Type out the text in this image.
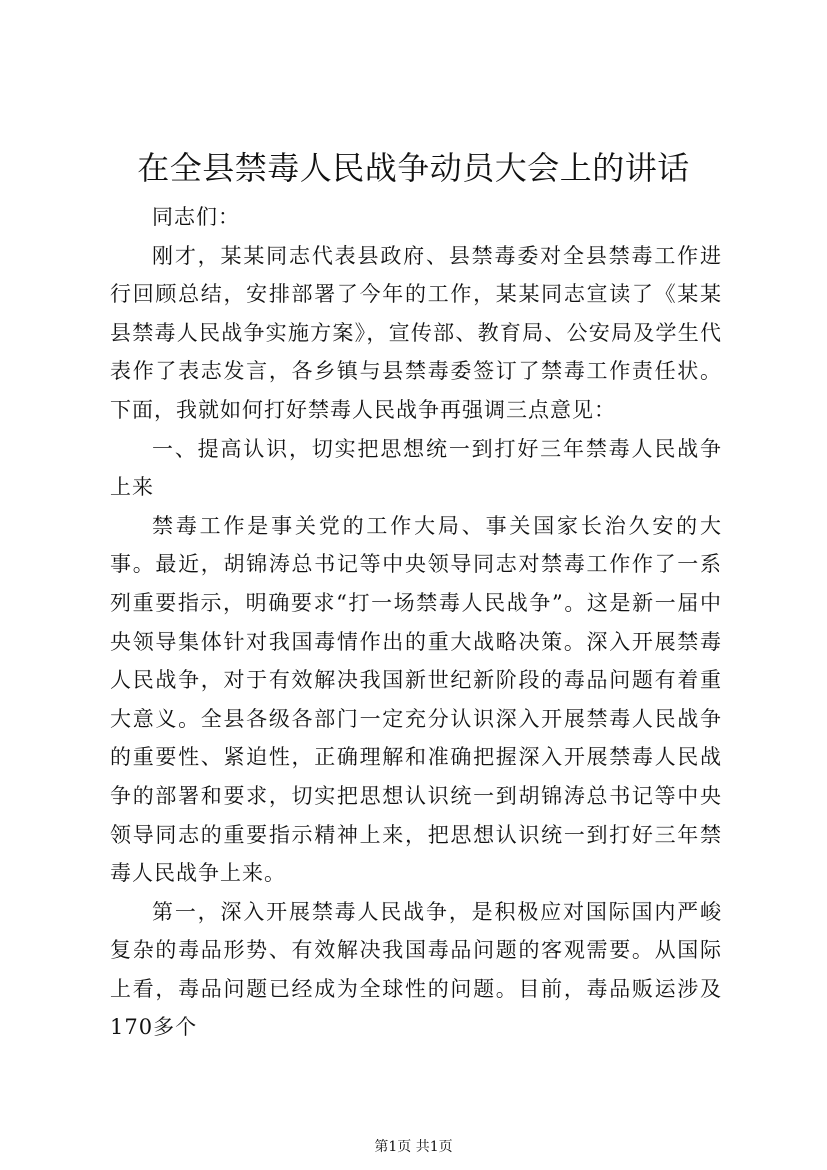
在全县禁毒人民战争动员大会上的讲话

同志们：

刚才，某某同志代表县政府、县禁毒委对全县禁毒工作进行回顾总结，安排部署了今年的工作，某某同志宣读了《某某县禁毒人民战争实施方案》，宣传部、教育局、公安局及学生代表作了表志发言，各乡镇与县禁毒委签订了禁毒工作责任状。下面，我就如何打好禁毒人民战争再强调三点意见：

一、提高认识，切实把思想统一到打好三年禁毒人民战争上来

禁毒工作是事关党的工作大局、事关国家长治久安的大事。最近，胡锦涛总书记等中央领导同志对禁毒工作作了一系列重要指示，明确要求“打一场禁毒人民战争”。这是新一届中央领导集体针对我国毒情作出的重大战略决策。深入开展禁毒人民战争，对于有效解决我国新世纪新阶段的毒品问题有着重大意义。全县各级各部门一定充分认识深入开展禁毒人民战争的重要性、紧迫性，正确理解和准确把握深入开展禁毒人民战争的部署和要求，切实把思想认识统一到胡锦涛总书记等中央领导同志的重要指示精神上来，把思想认识统一到打好三年禁毒人民战争上来。

第一，深入开展禁毒人民战争，是积极应对国际国内严峻复杂的毒品形势、有效解决我国毒品问题的客观需要。从国际上看，毒品问题已经成为全球性的问题。目前，毒品贩运涉及170多个

第1页 共1页
